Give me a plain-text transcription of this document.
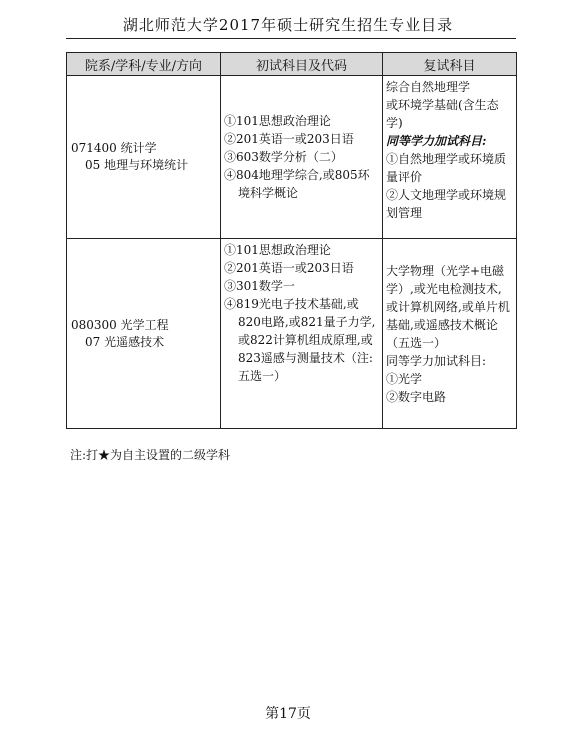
湖北师范大学2017年硕士研究生招生专业目录
院系/学科/专业/方向	初试科目及代码	复试科目

071400 统计学
05 地理与环境统计	①101思想政治理论
②201英语一或203日语
③603数学分析（二）
④804地理学综合,或805环境科学概论	综合自然地理学
或环境学基础(含生态学)
同等学力加试科目:
①自然地理学或环境质量评价
②人文地理学或环境规划管理

080300 光学工程
07 光遥感技术	①101思想政治理论
②201英语一或203日语
③301数学一
④819光电子技术基础,或820电路,或821量子力学,或822计算机组成原理,或823遥感与测量技术（注:五选一）	大学物理（光学+电磁学）,或光电检测技术,或计算机网络,或单片机基础,或遥感技术概论（五选一）
同等学力加试科目:
①光学
②数字电路
注:打★为自主设置的二级学科
第17页
